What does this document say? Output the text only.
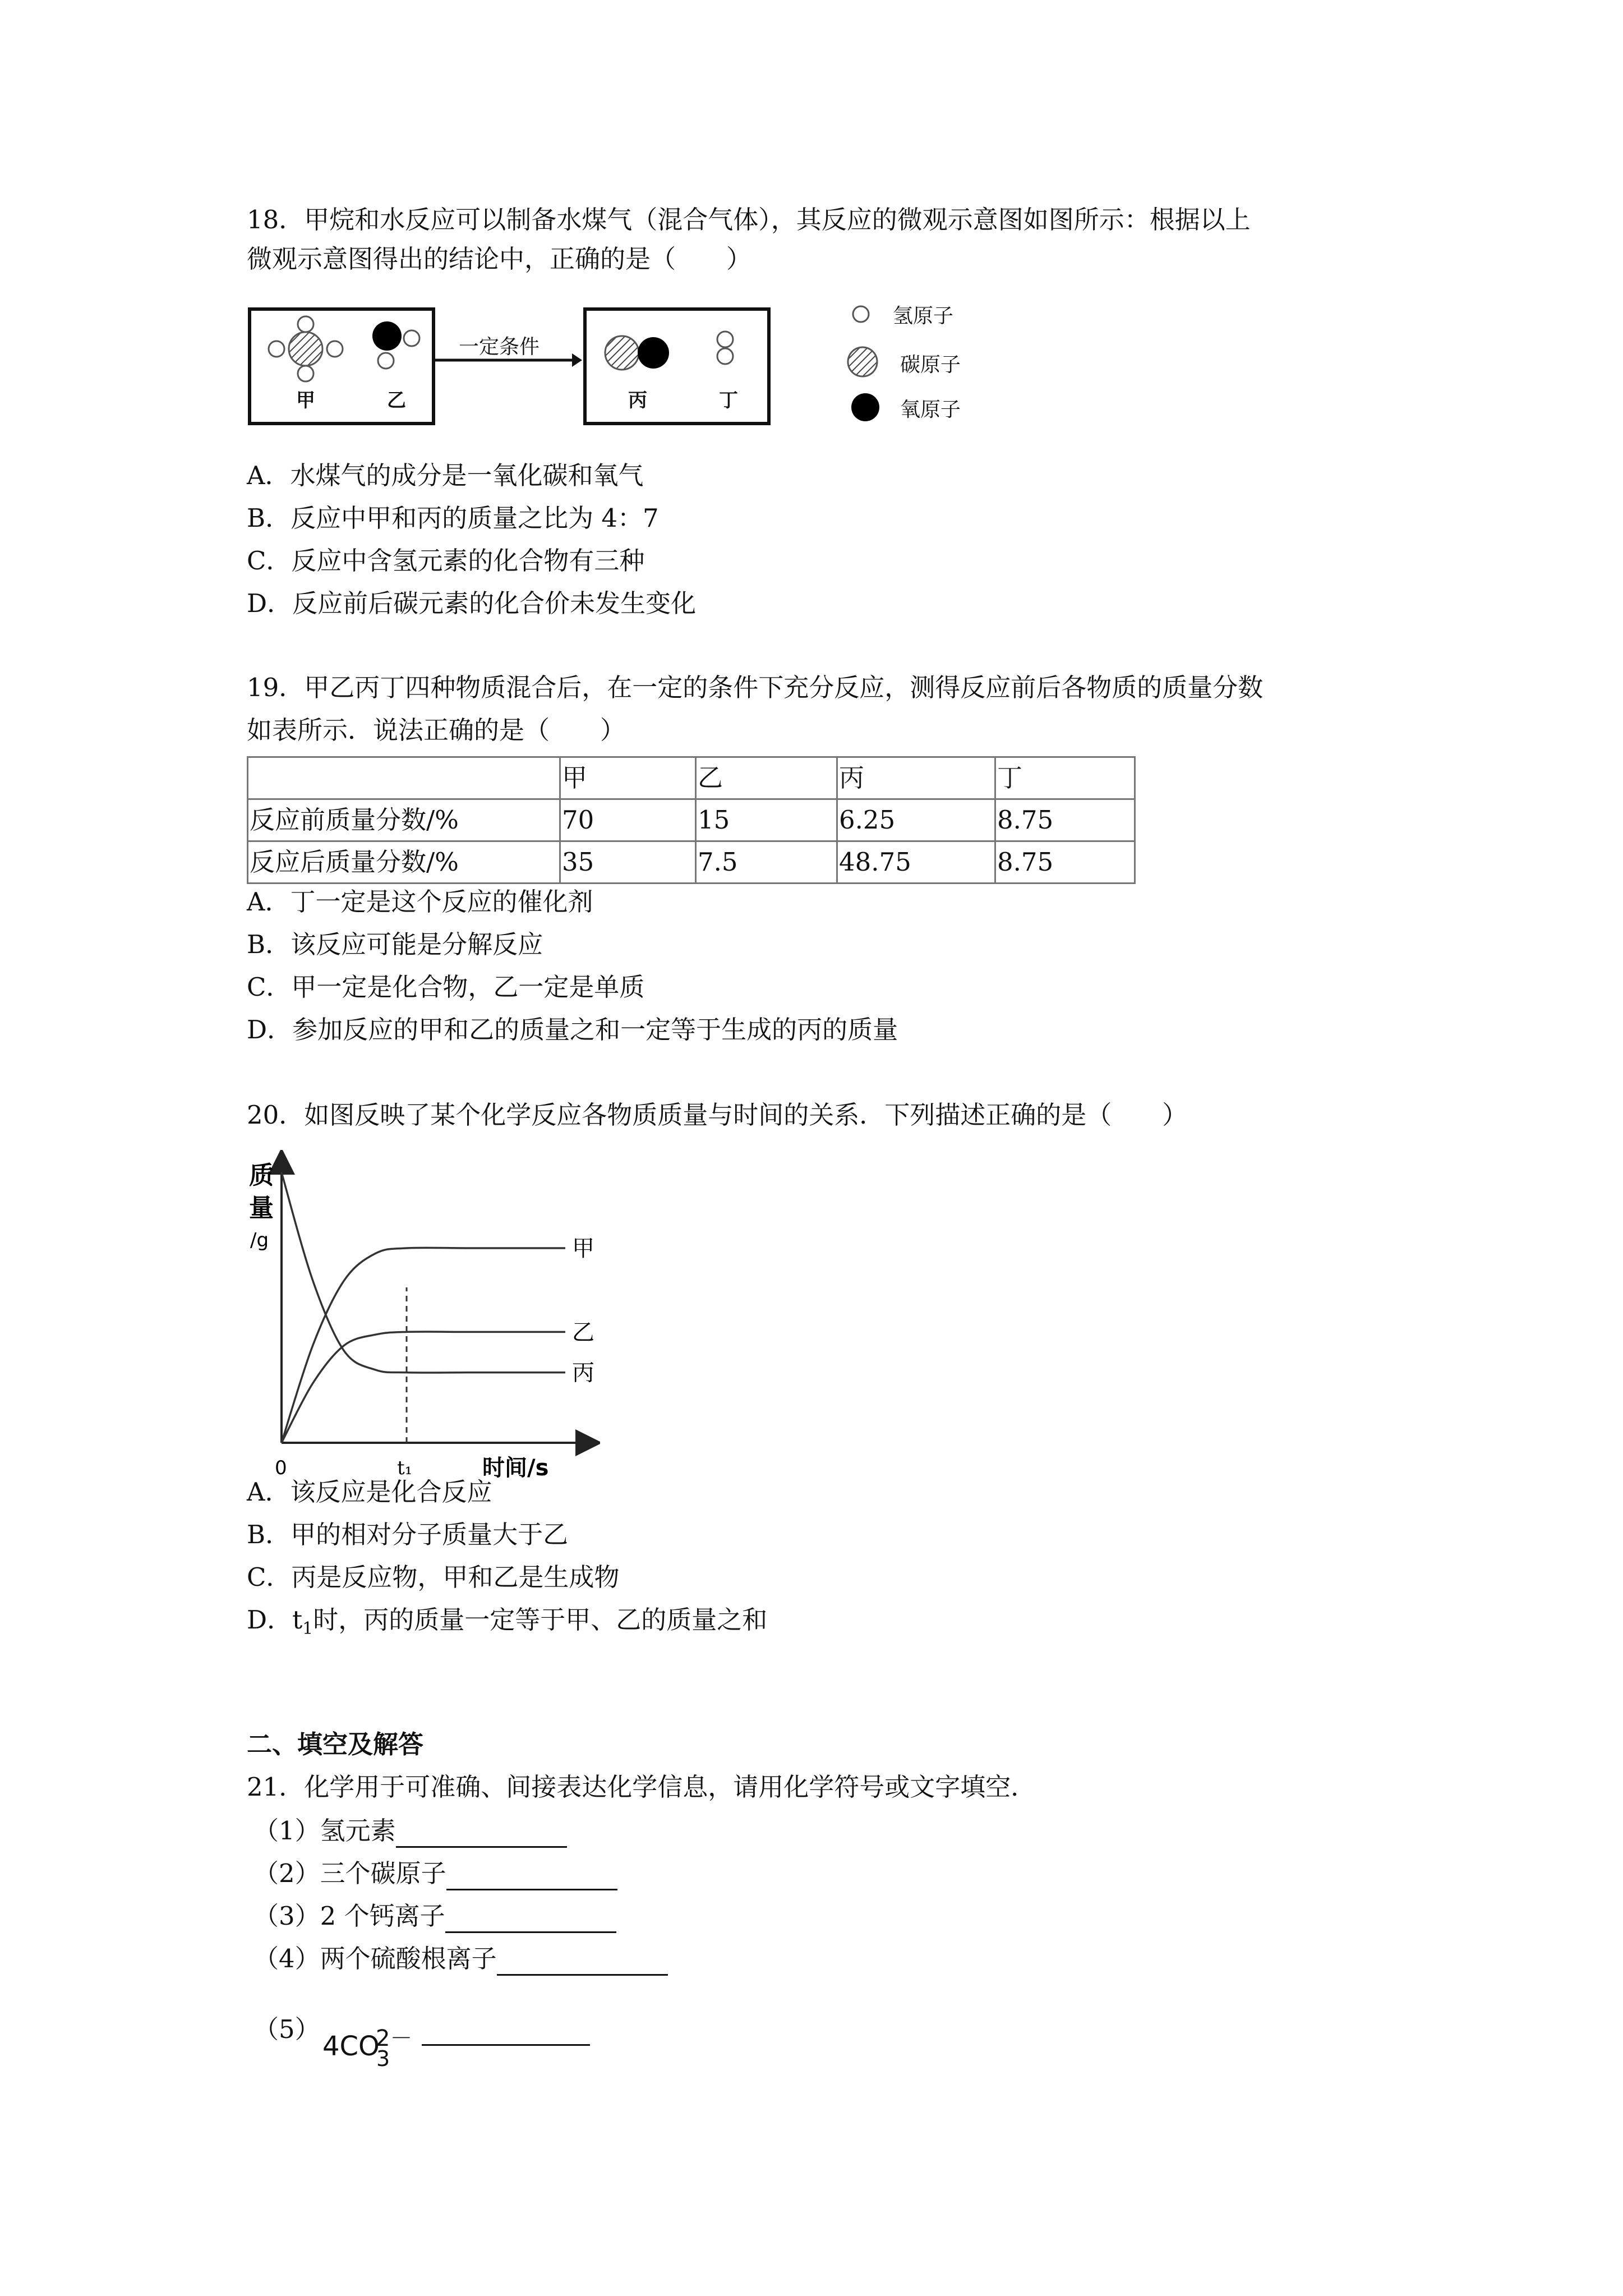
18．甲烷和水反应可以制备水煤气（混合气体），其反应的微观示意图如图所示：根据以上
微观示意图得出的结论中，正确的是（　　）
甲	乙
一定条件
丙	丁
氢原子
碳原子
氧原子
A．水煤气的成分是一氧化碳和氧气
B．反应中甲和丙的质量之比为 4：7
C．反应中含氢元素的化合物有三种
D．反应前后碳元素的化合价未发生变化
19．甲乙丙丁四种物质混合后，在一定的条件下充分反应，测得反应前后各物质的质量分数
如表所示．说法正确的是（　　）
	甲	乙	丙	丁
反应前质量分数/%	70	15	6.25	8.75
反应后质量分数/%	35	7.5	48.75	8.75
A．丁一定是这个反应的催化剂
B．该反应可能是分解反应
C．甲一定是化合物，乙一定是单质
D．参加反应的甲和乙的质量之和一定等于生成的丙的质量
20．如图反映了某个化学反应各物质质量与时间的关系．下列描述正确的是（　　）
质
量
/g
0	t₁	时间/s
甲
乙
丙
A．该反应是化合反应
B．甲的相对分子质量大于乙
C．丙是反应物，甲和乙是生成物
D．$t_1$时，丙的质量一定等于甲、乙的质量之和
二、填空及解答
21．化学用于可准确、间接表达化学信息，请用化学符号或文字填空．
（1）氢元素
（2）三个碳原子
（3）2 个钙离子
（4）两个硫酸根离子
（5）
4CO
2－
3
